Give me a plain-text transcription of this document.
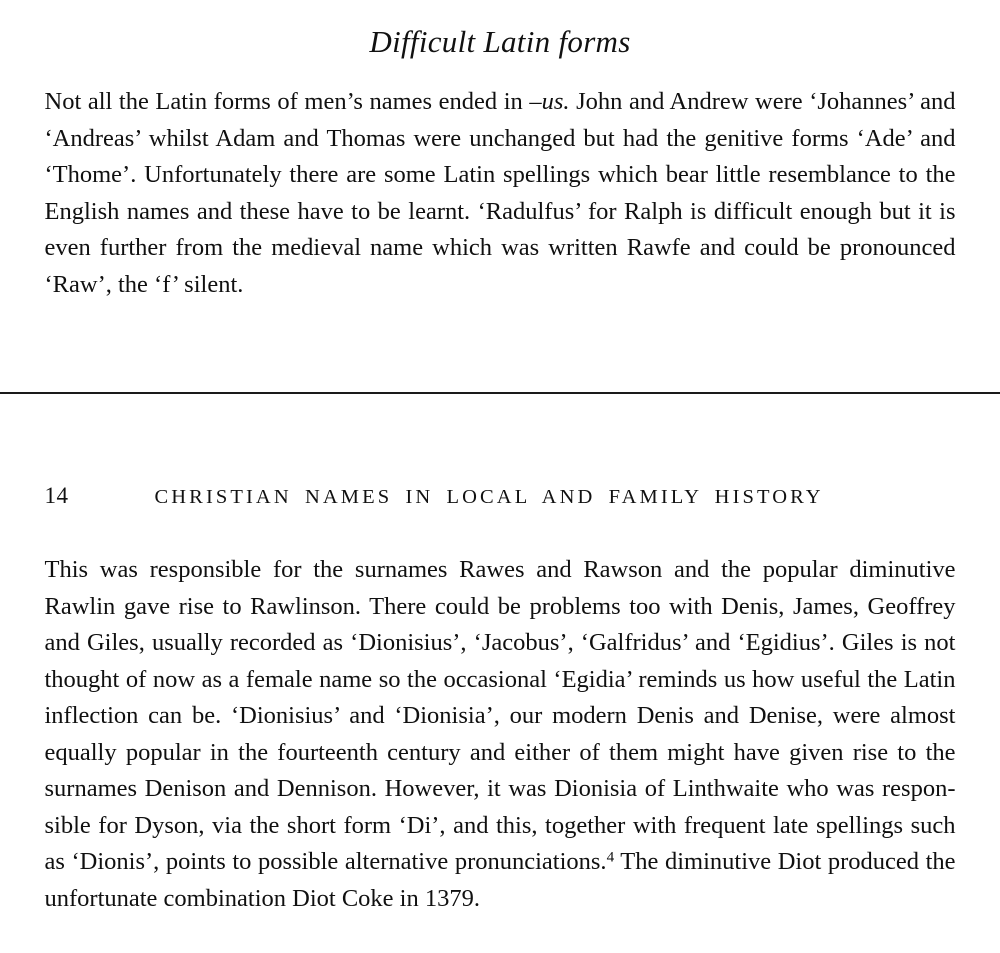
Difficult Latin forms

Not all the Latin forms of men’s names ended in –us. John and Andrew were ‘Johannes’ and ‘Andreas’ whilst Adam and Thomas were unchanged but had the genitive forms ‘Ade’ and ‘Thome’. Unfortunately there are some Latin spellings which bear little resemblance to the English names and these have to be learnt. ‘Radulfus’ for Ralph is difficult enough but it is even further from the medieval name which was written Rawfe and could be pronounced ‘Raw’, the ‘f’ silent.

14	CHRISTIAN NAMES IN LOCAL AND FAMILY HISTORY

This was responsible for the surnames Rawes and Rawson and the popular diminutive Rawlin gave rise to Rawlinson. There could be problems too with Denis, James, Geoffrey and Giles, usually recorded as ‘Dionisius’, ‘Jacobus’, ‘Galfridus’ and ‘Egidius’. Giles is not thought of now as a female name so the occasional ‘Egidia’ reminds us how useful the Latin inflection can be. ‘Dionisius’ and ‘Dionisia’, our modern Denis and Denise, were almost equally popular in the fourteenth century and either of them might have given rise to the surnames Denison and Dennison. However, it was Dionisia of Linthwaite who was respon-sible for Dyson, via the short form ‘Di’, and this, together with frequent late spellings such as ‘Dionis’, points to possible alternative pronunciations.$^4$ The diminutive Diot produced the unfortunate combination Diot Coke in 1379.
